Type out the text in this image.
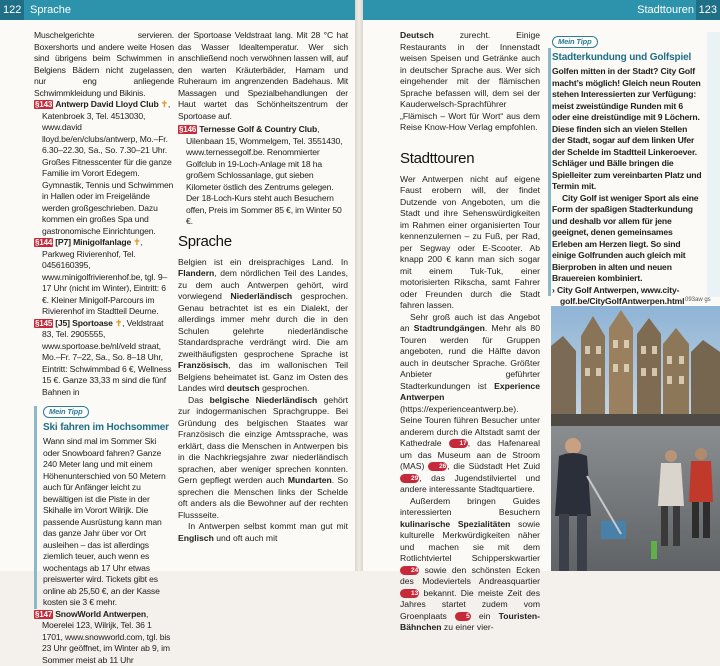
122 Sprache	Stadttouren 123

Muschelgerichte servieren. Boxershorts und andere weite Hosen sind übrigens beim Schwimmen in Belgiens Bädern nicht zugelassen, nur eng anliegende Schwimmkleidung und Bikinis.

§143 Antwerp David Lloyd Club ✝, Katenbroek 3, Tel. 4513030, www.david lloyd.be/en/clubs/antwerp, Mo.–Fr. 6.30–22.30, Sa., So. 7.30–21 Uhr. Großes Fitnesscenter für die ganze Familie im Vorort Edegem. Gymnastik, Tennis und Schwimmen in Hallen oder im Freigelände werden großgeschrieben. Dazu kommen ein großes Spa und gastronomische Einrichtungen.

§144 [P7] Minigolfanlage ✝, Parkweg Rivierenhof, Tel. 0456160395, www.minigolfrivierenhof.be, tgl. 9–17 Uhr (nicht im Winter), Eintritt: 6 €. Kleiner Minigolf-Parcours im Rivierenhof im Stadtteil Deurne.

§145 [J5] Sportoase ✝, Veldstraat 83, Tel. 2905555, www.sportoase.be/nl/veld straat, Mo.–Fr. 7–22, Sa., So. 8–18 Uhr, Eintritt: Schwimmbad 6 €, Wellness 15 €. Ganze 33,33 m sind die fünf Bahnen in

Mein Tipp
Ski fahren im Hochsommer

Wann sind mal im Sommer Ski oder Snowboard fahren? Ganze 240 Meter lang und mit einem Höhenunterschied von 50 Metern auch für Anfänger leicht zu bewältigen ist die Piste in der Skihalle im Vorort Wilrijk. Die passende Ausrüstung kann man das ganze Jahr über vor Ort ausleihen – das ist allerdings ziemlich teuer, auch wenn es wochentags ab 17 Uhr etwas preiswerter wird. Tickets gibt es online ab 25,50 €, an der Kasse kosten sie 3 € mehr.

§147 SnowWorld Antwerpen, Moerelei 123, Wilrijk, Tel. 36 1 1701, www.snowworld.com, tgl. bis 23 Uhr geöffnet, im Winter ab 9, im Sommer meist ab 11 Uhr

der Sportoase Veldstraat lang. Mit 28 °C hat das Wasser Idealtemperatur. Wer sich anschließend noch verwöhnen lassen will, auf den warten Kräuterbäder, Hamam und Ruheraum im angrenzenden Badehaus. Mit Massagen und Spezialbehandlungen der Haut wartet das Schönheitszentrum der Sportoase auf.

§146 Ternesse Golf & Country Club, Uilenbaan 15, Wommelgem, Tel. 3551430, www.ternessegolf.be. Renommierter Golfclub in 19-Loch-Anlage mit 18 ha großem Schlossanlage, gut sieben Kilometer östlich des Zentrums gelegen. Der 18-Loch-Kurs steht auch Besuchern offen, Preis im Sommer 85 €, im Winter 50 €.

Sprache

Belgien ist ein dreisprachiges Land. In Flandern, dem nördlichen Teil des Landes, zu dem auch Antwerpen gehört, wird vorwiegend Niederländisch gesprochen. Genau betrachtet ist es ein Dialekt, der allerdings immer mehr durch die in den Schulen gelehrte niederländische Standardsprache verdrängt wird. Die am zweithäufigsten gesprochene Sprache ist Französisch, das im wallonischen Teil Belgiens beheimatet ist. Ganz im Osten des Landes wird deutsch gesprochen.

Das belgische Niederländisch gehört zur indogermanischen Sprachgruppe. Bei Gründung des belgischen Staates war Französisch die einzige Amtssprache, was erklärt, dass die Menschen in Antwerpen bis in die Nachkriegsjahre zwar niederländisch sprachen, aber weniger sprechen konnten. Gern gepflegt werden auch Mundarten. So sprechen die Menschen links der Schelde oft anders als die Bewohner auf der rechten Flussseite.

In Antwerpen selbst kommt man gut mit Englisch und oft auch mit

Deutsch zurecht. Einige Restaurants in der Innenstadt weisen Speisen und Getränke auch in deutscher Sprache aus. Wer sich eingehender mit der flämischen Sprache befassen will, dem sei der Kauderwelsch-Sprachführer „Flämisch – Wort für Wort“ aus dem Reise Know-How Verlag empfohlen.

Stadttouren

Wer Antwerpen nicht auf eigene Faust erobern will, der findet Dutzende von Angeboten, um die Stadt und ihre Sehenswürdigkeiten im Rahmen einer organisierten Tour kennenzulernen – zu Fuß, per Rad, per Segway oder E-Scooter. Ab knapp 200 € kann man sich sogar mit einem Tuk-Tuk, einer motorisierten Rikscha, samt Fahrer oder Freunden durch die Stadt fahren lassen.

Sehr groß auch ist das Angebot an Stadtrundgängen. Mehr als 80 Touren werden für Gruppen angeboten, rund die Hälfte davon auch in deutscher Sprache. Größter Anbieter geführter Stadterkundungen ist Experience Antwerpen (https://experienceantwerp.be). Seine Touren führen Besucher unter anderem durch die Altstadt samt der Kathedrale 17, das Hafenareal um das Museum aan de Stroom (MAS) 26, die Südstadt Het Zuid 29, das Jugendstilviertel und andere interessante Stadtquartiere.

Außerdem bringen Guides interessierten Besuchern kulinarische Spezialitäten sowie kulturelle Merkwürdigkeiten näher und machen sie mit dem Rotlichtviertel Schipperskwartier 24 sowie den schönsten Ecken des Modeviertels Andreasquartier 13 bekannt. Die meiste Zeit des Jahres startet zudem vom Groenplaats 5 ein Touristen-Bähnchen zu einer vier-

Mein Tipp
Stadterkundung und Golfspiel

Golfen mitten in der Stadt? City Golf macht’s möglich! Gleich neun Routen stehen Interessierten zur Verfügung: meist zweistündige Runden mit 6 oder eine dreistündige mit 9 Löchern. Diese finden sich an vielen Stellen der Stadt, sogar auf dem linken Ufer der Schelde im Stadtteil Linkeroever. Schläger und Bälle bringen die Spielleiter zum vereinbarten Platz und Termin mit.

City Golf ist weniger Sport als eine Form der spaßigen Stadterkundung und deshalb vor allem für jene geeignet, denen gemeinsames Erleben am Herzen liegt. So sind einige Golfrunden auch gleich mit Bierproben in alten und neuen Brauereien kombiniert.

› City Golf Antwerpen, www.city-golf.be/CityGolfAntwerpen.html 093aw gs
